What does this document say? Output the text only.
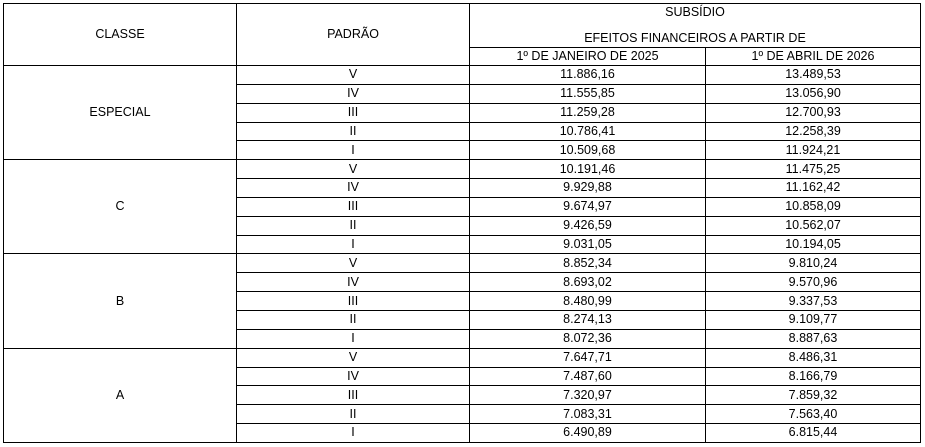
CLASSE	PADRÃO	SUBSÍDIO
EFEITOS FINANCEIROS A PARTIR DE	

		1º DE JANEIRO DE 2025	1º DE ABRIL DE 2026
ESPECIAL	V	11.886,16	13.489,53
	IV	11.555,85	13.056,90
	III	11.259,28	12.700,93
	II	10.786,41	12.258,39
	I	10.509,68	11.924,21
C	V	10.191,46	11.475,25
	IV	9.929,88	11.162,42
	III	9.674,97	10.858,09
	II	9.426,59	10.562,07
	I	9.031,05	10.194,05
B	V	8.852,34	9.810,24
	IV	8.693,02	9.570,96
	III	8.480,99	9.337,53
	II	8.274,13	9.109,77
	I	8.072,36	8.887,63
A	V	7.647,71	8.486,31
	IV	7.487,60	8.166,79
	III	7.320,97	7.859,32
	II	7.083,31	7.563,40
	I	6.490,89	6.815,44
